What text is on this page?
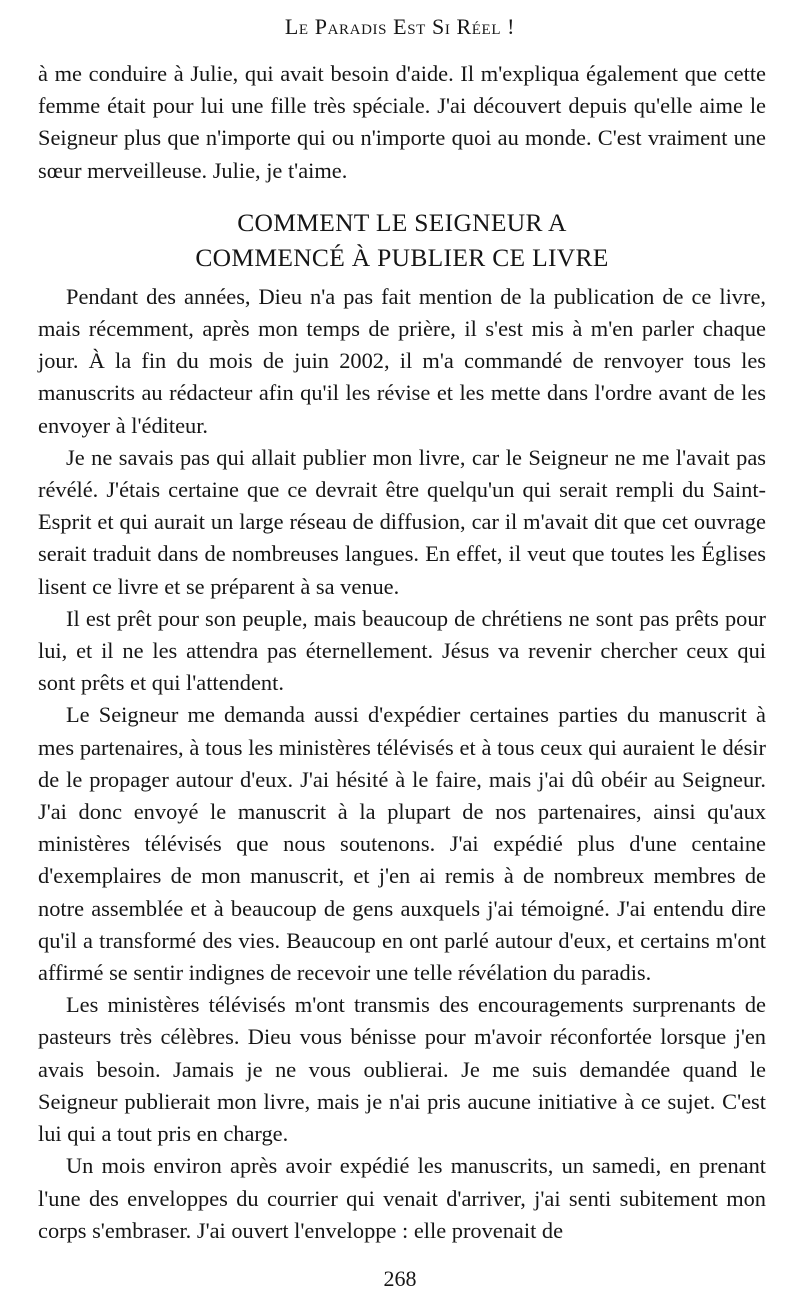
Le Paradis Est Si Réel !

à me conduire à Julie, qui avait besoin d'aide. Il m'expliqua également que cette femme était pour lui une fille très spéciale. J'ai découvert depuis qu'elle aime le Seigneur plus que n'importe qui ou n'importe quoi au monde. C'est vraiment une sœur merveilleuse. Julie, je t'aime.

COMMENT LE SEIGNEUR A
COMMENCÉ À PUBLIER CE LIVRE

Pendant des années, Dieu n'a pas fait mention de la publication de ce livre, mais récemment, après mon temps de prière, il s'est mis à m'en parler chaque jour. À la fin du mois de juin 2002, il m'a commandé de renvoyer tous les manuscrits au rédacteur afin qu'il les révise et les mette dans l'ordre avant de les envoyer à l'éditeur.

Je ne savais pas qui allait publier mon livre, car le Seigneur ne me l'avait pas révélé. J'étais certaine que ce devrait être quelqu'un qui serait rempli du Saint-Esprit et qui aurait un large réseau de diffusion, car il m'avait dit que cet ouvrage serait traduit dans de nombreuses langues. En effet, il veut que toutes les Églises lisent ce livre et se préparent à sa venue.

Il est prêt pour son peuple, mais beaucoup de chrétiens ne sont pas prêts pour lui, et il ne les attendra pas éternellement. Jésus va revenir chercher ceux qui sont prêts et qui l'attendent.

Le Seigneur me demanda aussi d'expédier certaines parties du manuscrit à mes partenaires, à tous les ministères télévisés et à tous ceux qui auraient le désir de le propager autour d'eux. J'ai hésité à le faire, mais j'ai dû obéir au Seigneur. J'ai donc envoyé le manuscrit à la plupart de nos partenaires, ainsi qu'aux ministères télévisés que nous soutenons. J'ai expédié plus d'une centaine d'exemplaires de mon manuscrit, et j'en ai remis à de nombreux membres de notre assemblée et à beaucoup de gens auxquels j'ai témoigné. J'ai entendu dire qu'il a transformé des vies. Beaucoup en ont parlé autour d'eux, et certains m'ont affirmé se sentir indignes de recevoir une telle révélation du paradis.

Les ministères télévisés m'ont transmis des encouragements surprenants de pasteurs très célèbres. Dieu vous bénisse pour m'avoir réconfortée lorsque j'en avais besoin. Jamais je ne vous oublierai. Je me suis demandée quand le Seigneur publierait mon livre, mais je n'ai pris aucune initiative à ce sujet. C'est lui qui a tout pris en charge.

Un mois environ après avoir expédié les manuscrits, un samedi, en prenant l'une des enveloppes du courrier qui venait d'arriver, j'ai senti subitement mon corps s'embraser. J'ai ouvert l'enveloppe : elle provenait de

268
